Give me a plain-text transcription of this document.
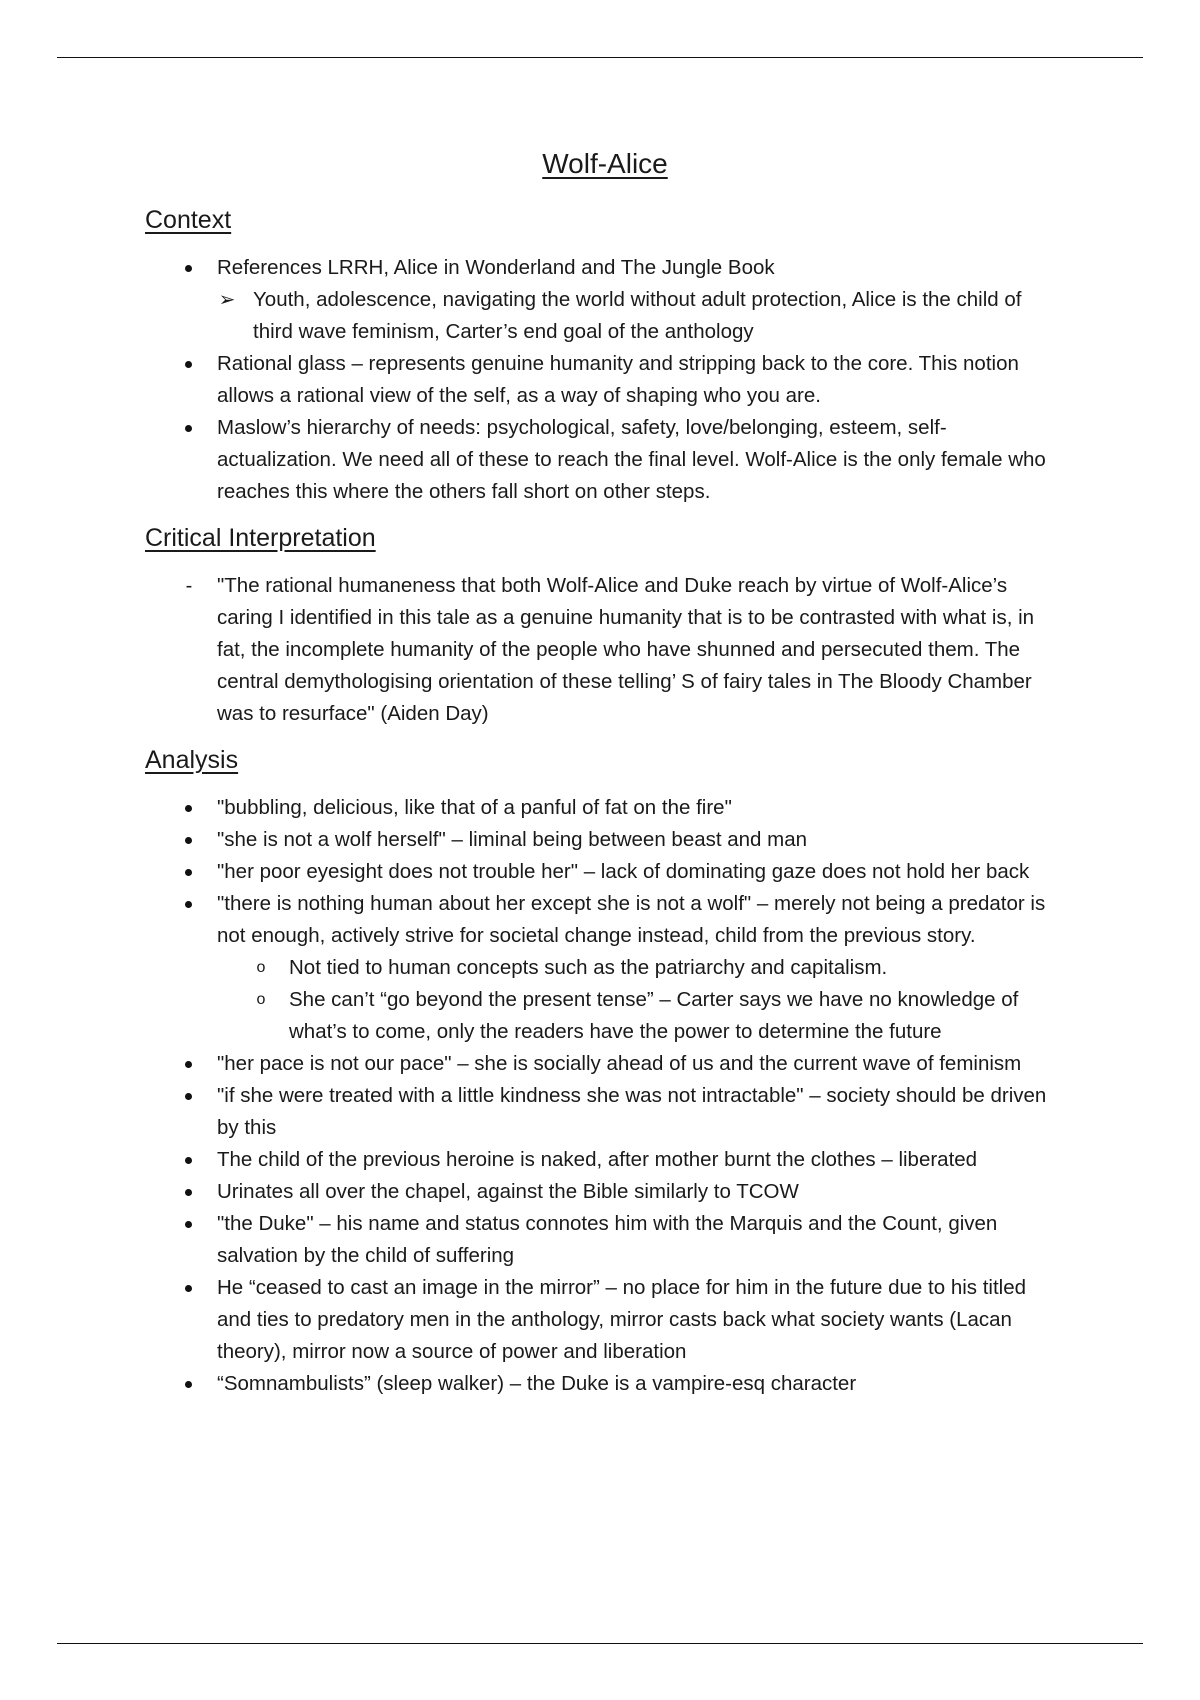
Wolf-Alice
Context
References LRRH, Alice in Wonderland and The Jungle Book
➢ Youth, adolescence, navigating the world without adult protection, Alice is the child of third wave feminism, Carter’s end goal of the anthology
Rational glass – represents genuine humanity and stripping back to the core. This notion allows a rational view of the self, as a way of shaping who you are.
Maslow’s hierarchy of needs: psychological, safety, love/belonging, esteem, self-actualization. We need all of these to reach the final level. Wolf-Alice is the only female who reaches this where the others fall short on other steps.
Critical Interpretation
-	"The rational humaneness that both Wolf-Alice and Duke reach by virtue of Wolf-Alice’s caring I identified in this tale as a genuine humanity that is to be contrasted with what is, in fat, the incomplete humanity of the people who have shunned and persecuted them. The central demythologising orientation of these telling’ S of fairy tales in The Bloody Chamber was to resurface" (Aiden Day)
Analysis
"bubbling, delicious, like that of a panful of fat on the fire"
"she is not a wolf herself" – liminal being between beast and man
"her poor eyesight does not trouble her" – lack of dominating gaze does not hold her back
"there is nothing human about her except she is not a wolf" – merely not being a predator is not enough, actively strive for societal change instead, child from the previous story.
o Not tied to human concepts such as the patriarchy and capitalism.
o She can’t “go beyond the present tense” – Carter says we have no knowledge of what’s to come, only the readers have the power to determine the future
"her pace is not our pace" – she is socially ahead of us and the current wave of feminism
"if she were treated with a little kindness she was not intractable" – society should be driven by this
The child of the previous heroine is naked, after mother burnt the clothes – liberated
Urinates all over the chapel, against the Bible similarly to TCOW
"the Duke" – his name and status connotes him with the Marquis and the Count, given salvation by the child of suffering
He “ceased to cast an image in the mirror” – no place for him in the future due to his titled and ties to predatory men in the anthology, mirror casts back what society wants (Lacan theory), mirror now a source of power and liberation
“Somnambulists” (sleep walker) – the Duke is a vampire-esq character
